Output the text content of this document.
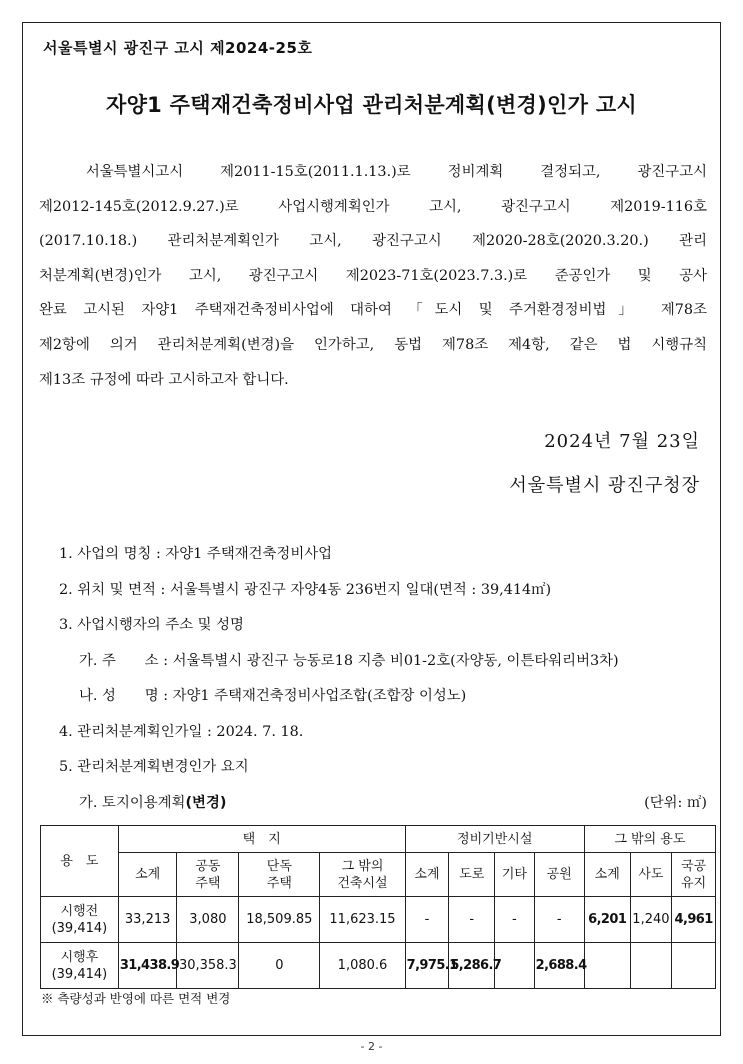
서울특별시 광진구 고시 제2024-25호
자양1 주택재건축정비사업 관리처분계획(변경)인가 고시
　서울특별시고시 제2011-15호(2011.1.13.)로 정비계획 결정되고, 광진구고시
제2012-145호(2012.9.27.)로 사업시행계획인가 고시, 광진구고시 제2019-116호
(2017.10.18.) 관리처분계획인가 고시, 광진구고시 제2020-28호(2020.3.20.) 관리
처분계획(변경)인가 고시, 광진구고시 제2023-71호(2023.7.3.)로 준공인가 및 공사
완료 고시된 자양1 주택재건축정비사업에 대하여 「도시 및 주거환경정비법」 제78조
제2항에 의거 관리처분계획(변경)을 인가하고, 동법 제78조 제4항, 같은 법 시행규칙
제13조 규정에 따라 고시하고자 합니다.
2024년 7월 23일
서울특별시 광진구청장
1. 사업의 명칭 : 자양1 주택재건축정비사업
2. 위치 및 면적 : 서울특별시 광진구 자양4동 236번지 일대(면적 : 39,414㎡)
3. 사업시행자의 주소 및 성명
가. 주　　소 : 서울특별시 광진구 능동로18 지층 비01-2호(자양동, 이튼타워리버3차)
나. 성　　명 : 자양1 주택재건축정비사업조합(조합장 이성노)
4. 관리처분계획인가일 : 2024. 7. 18.
5. 관리처분계획변경인가 요지
가. 토지이용계획(변경)	(단위: ㎡)
용　도	택　지				정비기반시설				그 밖의 용도		
	소계	공동
주택	단독
주택	그 밖의
건축시설	소계	도로	기타	공원	소계	사도	국공
유지
시행전
(39,414)	33,213	3,080	18,509.85	11,623.15	-	-	-	-	6,201	1,240	4,961
시행후
(39,414)	31,438.9	30,358.3	0	1,080.6	7,975.1	5,286.7		2,688.4			
※ 측량성과 반영에 따른 면적 변경
- 2 -
